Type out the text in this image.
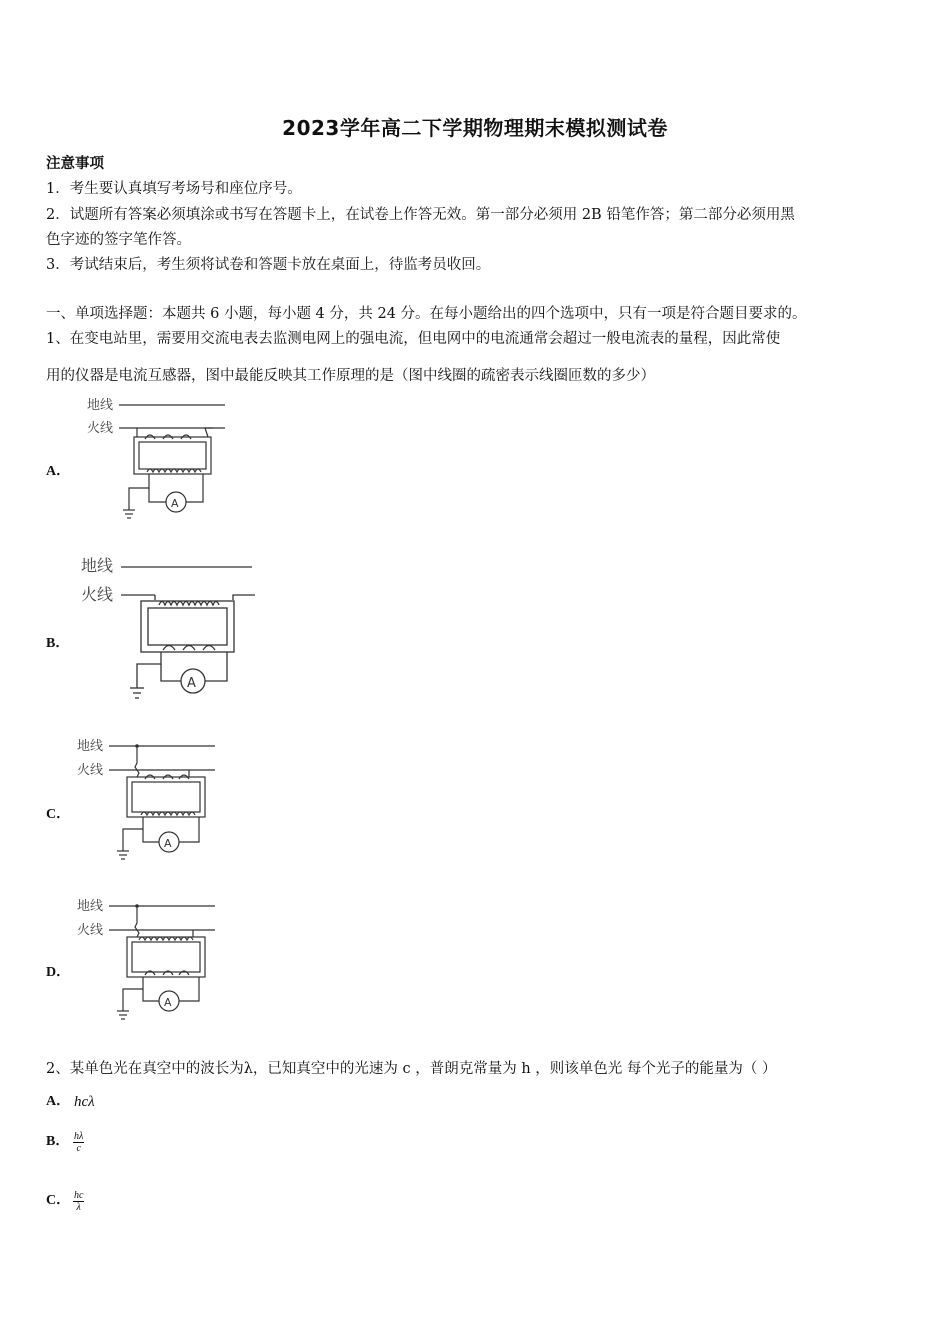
2023学年高二下学期物理期末模拟测试卷
注意事项
1．考生要认真填写考场号和座位序号。
2．试题所有答案必须填涂或书写在答题卡上，在试卷上作答无效。第一部分必须用 2B 铅笔作答；第二部分必须用黑
色字迹的签字笔作答。
3．考试结束后，考生须将试卷和答题卡放在桌面上，待监考员收回。
一、单项选择题：本题共 6 小题，每小题 4 分，共 24 分。在每小题给出的四个选项中，只有一项是符合题目要求的。
1、在变电站里，需要用交流电表去监测电网上的强电流，但电网中的电流通常会超过一般电流表的量程，因此常使
用的仪器是电流互感器，图中最能反映其工作原理的是（图中线圈的疏密表示线圈匝数的多少）
A．
B．
C．
D．
地线
火线
A
地线
火线
A
地线
火线
A
地线
火线
A
2、某单色光在真空中的波长为λ，已知真空中的光速为 c ，普朗克常量为 h ，则该单色光 每个光子的能量为（ ）
A． hcλ
B． $\frac{h\lambda}{c}$
C． $\frac{hc}{\lambda}$
